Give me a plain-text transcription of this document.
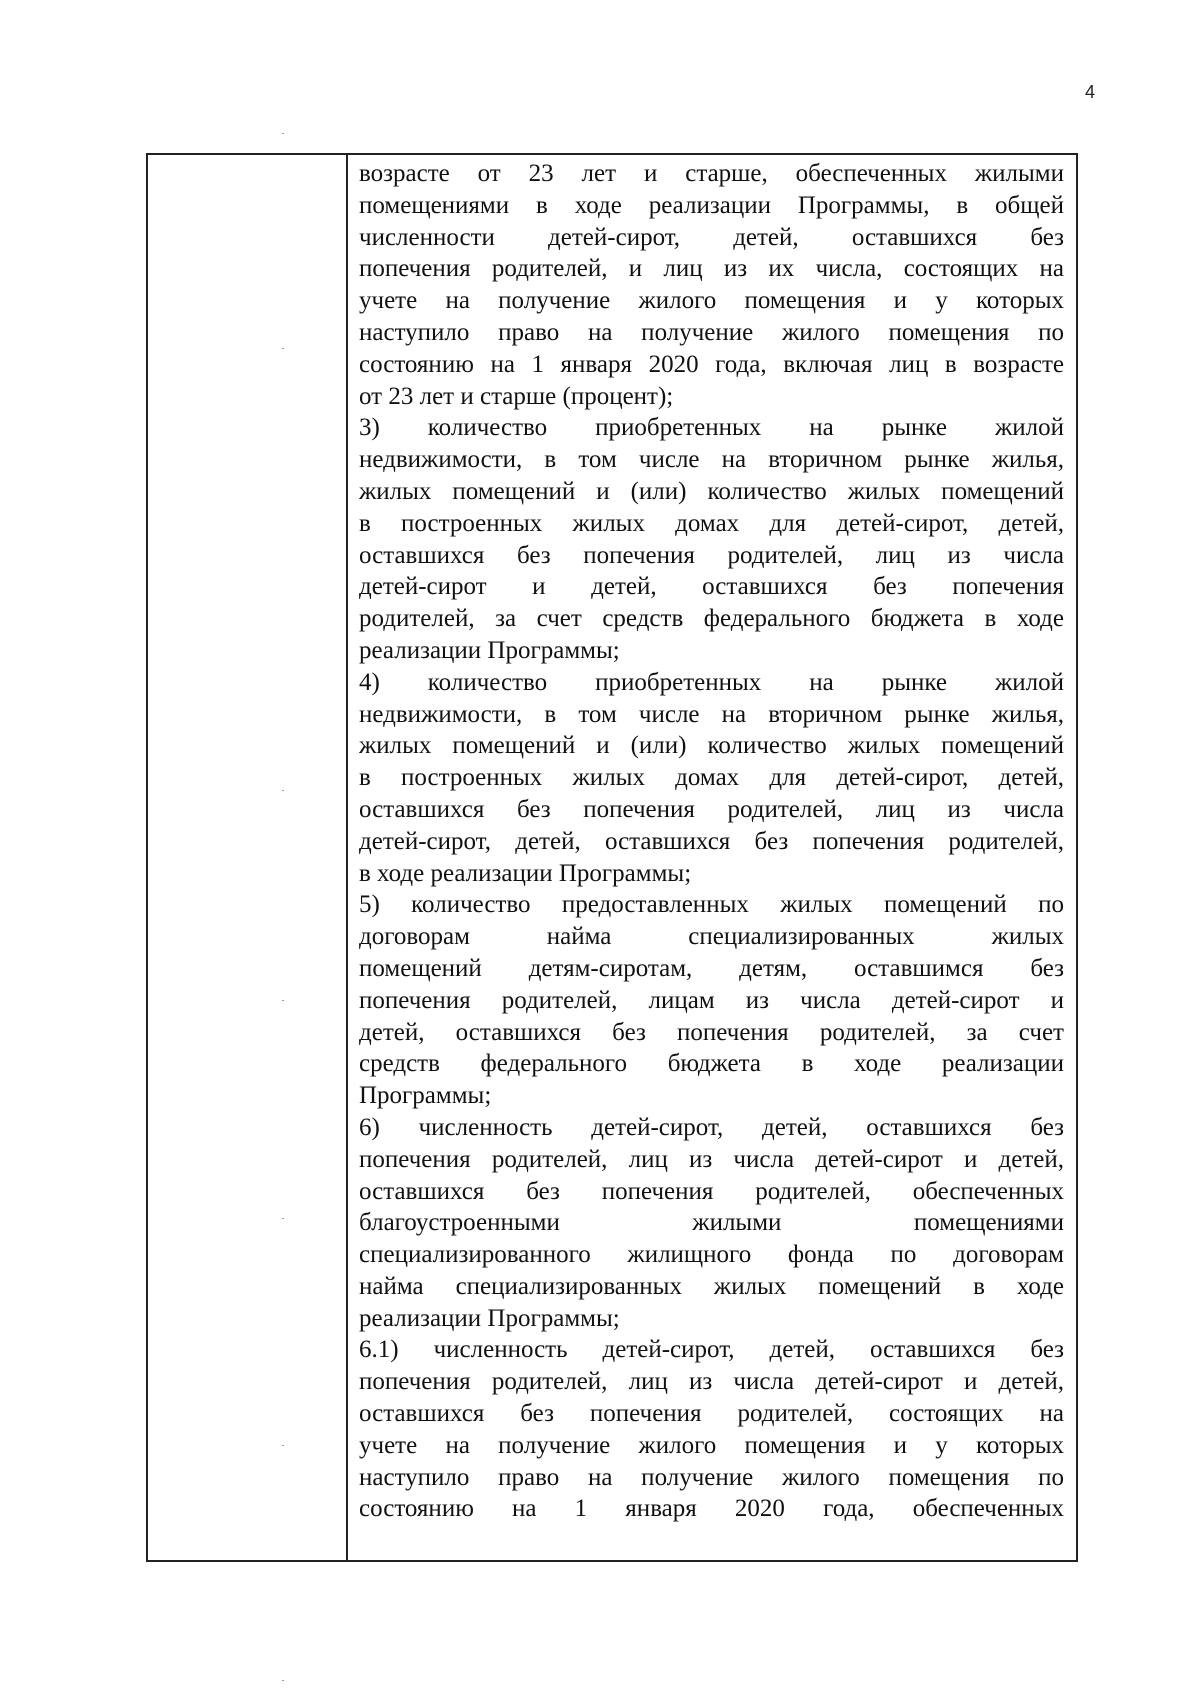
4
возрасте от 23 лет и старше, обеспеченных жилыми
помещениями в ходе реализации Программы, в общей
численности детей-сирот, детей, оставшихся без
попечения родителей, и лиц из их числа, состоящих на
учете на получение жилого помещения и у которых
наступило право на получение жилого помещения по
состоянию на 1 января 2020 года, включая лиц в возрасте
от 23 лет и старше (процент);
3) количество приобретенных на рынке жилой
недвижимости, в том числе на вторичном рынке жилья,
жилых помещений и (или) количество жилых помещений
в построенных жилых домах для детей-сирот, детей,
оставшихся без попечения родителей, лиц из числа
детей-сирот и детей, оставшихся без попечения
родителей, за счет средств федерального бюджета в ходе
реализации Программы;
4) количество приобретенных на рынке жилой
недвижимости, в том числе на вторичном рынке жилья,
жилых помещений и (или) количество жилых помещений
в построенных жилых домах для детей-сирот, детей,
оставшихся без попечения родителей, лиц из числа
детей-сирот, детей, оставшихся без попечения родителей,
в ходе реализации Программы;
5) количество предоставленных жилых помещений по
договорам найма специализированных жилых
помещений детям-сиротам, детям, оставшимся без
попечения родителей, лицам из числа детей-сирот и
детей, оставшихся без попечения родителей, за счет
средств федерального бюджета в ходе реализации
Программы;
6) численность детей-сирот, детей, оставшихся без
попечения родителей, лиц из числа детей-сирот и детей,
оставшихся без попечения родителей, обеспеченных
благоустроенными жилыми помещениями
специализированного жилищного фонда по договорам
найма специализированных жилых помещений в ходе
реализации Программы;
6.1) численность детей-сирот, детей, оставшихся без
попечения родителей, лиц из числа детей-сирот и детей,
оставшихся без попечения родителей, состоящих на
учете на получение жилого помещения и у которых
наступило право на получение жилого помещения по
состоянию на 1 января 2020 года, обеспеченных
